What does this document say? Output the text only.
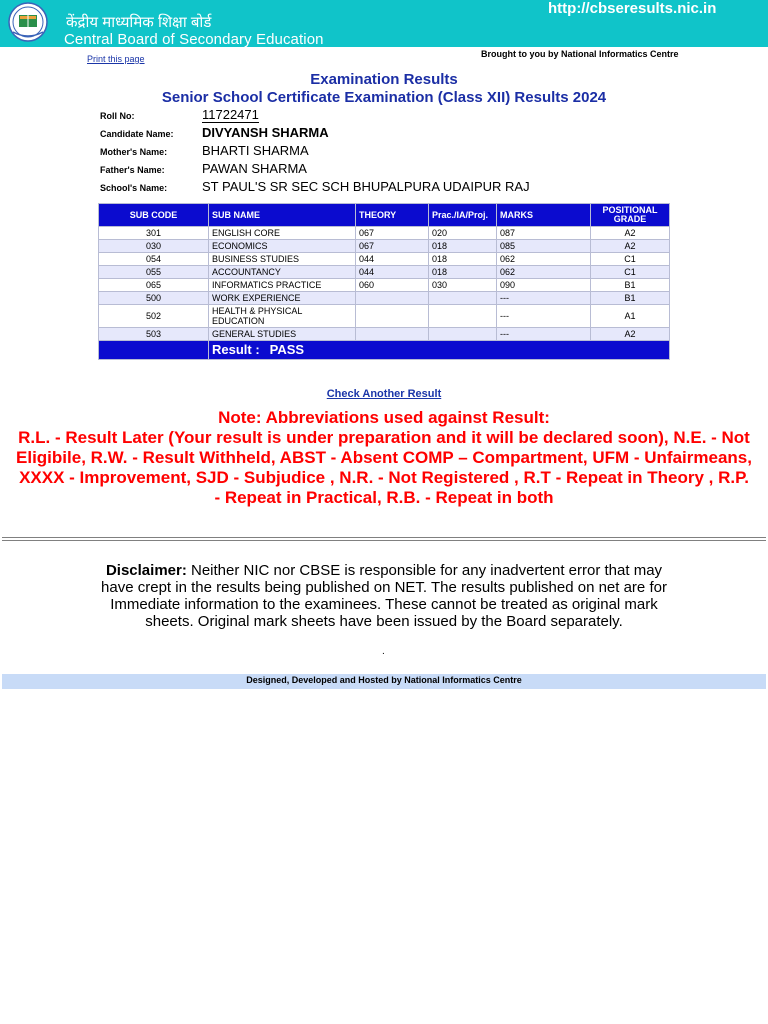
केंद्रीय माध्यमिक शिक्षा बोर्ड
Central Board of Secondary Education
http://cbseresults.nic.in
Print this page	Brought to you by National Informatics Centre
Examination Results
Senior School Certificate Examination (Class XII) Results 2024
Roll No:	11722471
Candidate Name:	DIVYANSH SHARMA
Mother's Name:	BHARTI SHARMA
Father's Name:	PAWAN SHARMA
School's Name:	ST PAUL'S SR SEC SCH BHUPALPURA UDAIPUR RAJ
SUB CODE	SUB NAME	THEORY	Prac./IA/Proj.	MARKS	POSITIONAL GRADE
301	ENGLISH CORE	067	020	087	A2
030	ECONOMICS	067	018	085	A2
054	BUSINESS STUDIES	044	018	062	C1
055	ACCOUNTANCY	044	018	062	C1
065	INFORMATICS PRACTICE	060	030	090	B1
500	WORK EXPERIENCE			---	B1
502	HEALTH & PHYSICAL EDUCATION			---	A1
503	GENERAL STUDIES			---	A2
	Result : PASS				
Check Another Result
Note: Abbreviations used against Result:
R.L. - Result Later (Your result is under preparation and it will be declared soon), N.E. - Not Eligibile, R.W. - Result Withheld, ABST - Absent COMP – Compartment, UFM - Unfairmeans, XXXX - Improvement, SJD - Subjudice , N.R. - Not Registered , R.T - Repeat in Theory , R.P. - Repeat in Practical, R.B. - Repeat in both
Disclaimer: Neither NIC nor CBSE is responsible for any inadvertent error that may have crept in the results being published on NET. The results published on net are for Immediate information to the examinees. These cannot be treated as original mark sheets. Original mark sheets have been issued by the Board separately.
.
Designed, Developed and Hosted by National Informatics Centre
